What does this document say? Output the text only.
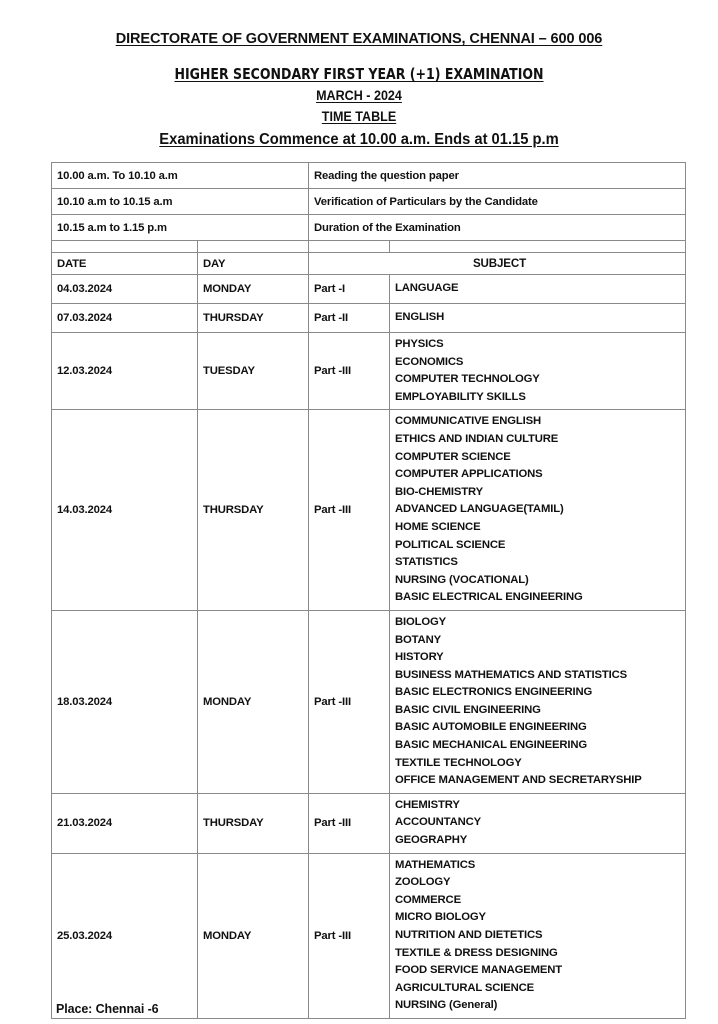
DIRECTORATE OF GOVERNMENT EXAMINATIONS, CHENNAI – 600 006
HIGHER SECONDARY FIRST YEAR (+1) EXAMINATION
MARCH - 2024
TIME TABLE
Examinations Commence at 10.00 a.m. Ends at 01.15 p.m
10.00 a.m. To 10.10 a.m		Reading the question paper	
10.10 a.m to 10.15 a.m		Verification of Particulars by the Candidate	
10.15 a.m to 1.15 p.m		Duration of the Examination	

DATE	DAY	SUBJECT	
04.03.2024	MONDAY	Part -I	LANGUAGE

07.03.2024	THURSDAY	Part -II	ENGLISH

12.03.2024	TUESDAY	Part -III	PHYSICS
ECONOMICS
COMPUTER TECHNOLOGY
EMPLOYABILITY SKILLS

14.03.2024	THURSDAY	Part -III	
COMMUNICATIVE ENGLISH
ETHICS AND INDIAN CULTURE
COMPUTER SCIENCE
COMPUTER APPLICATIONS
BIO-CHEMISTRY
ADVANCED LANGUAGE(TAMIL)
HOME SCIENCE
POLITICAL SCIENCE
STATISTICS
NURSING (VOCATIONAL)
BASIC ELECTRICAL ENGINEERING

18.03.2024	MONDAY	Part -III	
BIOLOGY
BOTANY
HISTORY
BUSINESS MATHEMATICS AND STATISTICS
BASIC ELECTRONICS ENGINEERING
BASIC CIVIL ENGINEERING
BASIC AUTOMOBILE ENGINEERING
BASIC MECHANICAL ENGINEERING
TEXTILE TECHNOLOGY
OFFICE MANAGEMENT AND SECRETARYSHIP

21.03.2024	THURSDAY	Part -III	CHEMISTRY
ACCOUNTANCY
GEOGRAPHY

25.03.2024	MONDAY	Part -III	
MATHEMATICS
ZOOLOGY
COMMERCE
MICRO BIOLOGY
NUTRITION AND DIETETICS
TEXTILE & DRESS DESIGNING
FOOD SERVICE MANAGEMENT
AGRICULTURAL SCIENCE
NURSING (General)
Place: Chennai -6
